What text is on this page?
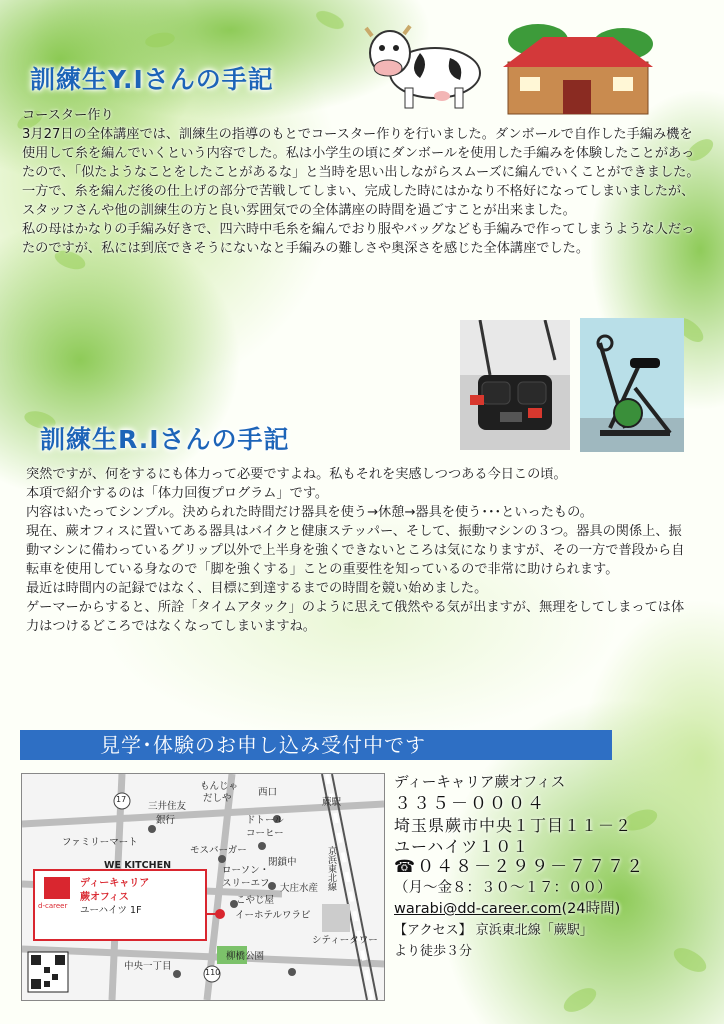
訓練生Y.Iさんの手記

コースター作り

3月27日の全体講座では、訓練生の指導のもとでコースター作りを行いました。ダンボールで自作した手編み機を使用して糸を編んでいくという内容でした。私は小学生の頃にダンボールを使用した手編みを体験したことがあったので、「似たようなことをしたことがあるな」と当時を思い出しながらスムーズに編んでいくことができました。一方で、糸を編んだ後の仕上げの部分で苦戦してしまい、完成した時にはかなり不格好になってしまいましたが、スタッフさんや他の訓練生の方と良い雰囲気での全体講座の時間を過ごすことが出来ました。

私の母はかなりの手編み好きで、四六時中毛糸を編んでおり服やバッグなども手編みで作ってしまうような人だったのですが、私には到底できそうにないなと手編みの難しさや奥深さを感じた全体講座でした。

訓練生R.Iさんの手記

突然ですが、何をするにも体力って必要ですよね。私もそれを実感しつつある今日この頃。

本項で紹介するのは「体力回復プログラム」です。

内容はいたってシンプル。決められた時間だけ器具を使う→休憩→器具を使う･･･といったもの。

現在、蕨オフィスに置いてある器具はバイクと健康ステッパー、そして、振動マシンの３つ。器具の関係上、振動マシンに備わっているグリップ以外で上半身を強くできないところは気になりますが、その一方で普段から自転車を使用している身なので「脚を強くする」ことの重要性を知っているので非常に助けられます。

最近は時間内の記録ではなく、目標に到達するまでの時間を競い始めました。

ゲーマーからすると、所詮「タイムアタック」のように思えて俄然やる気が出ますが、無理をしてしまっては体力はつけるどころではなくなってしまいますね。

見学･体験のお申し込み受付中です
もんじゃ
だしや
西口
蕨駅
三井住友
銀行	ドトール
コーヒー
ファミリーマート
モスバーガー	京浜東北線
閉鎖中
WE KITCHEN	ローソン・
スリーエフ
こやじ屋
大庄水産
イーホテルワラビ
シティータワー
中央一丁目
柳橋公園
17
110
ディーキャリア
蕨オフィス
ユーハイツ 1F
d-career
ディーキャリア蕨オフィス
３３５－０００４
埼玉県蕨市中央１丁目１１－２
ユーハイツ１０１
☎０４８－２９９－７７７２
（月～金８：３０～１７：００）
warabi@dd-career.com(24時間)
【アクセス】 京浜東北線「蕨駅」
より徒歩３分
